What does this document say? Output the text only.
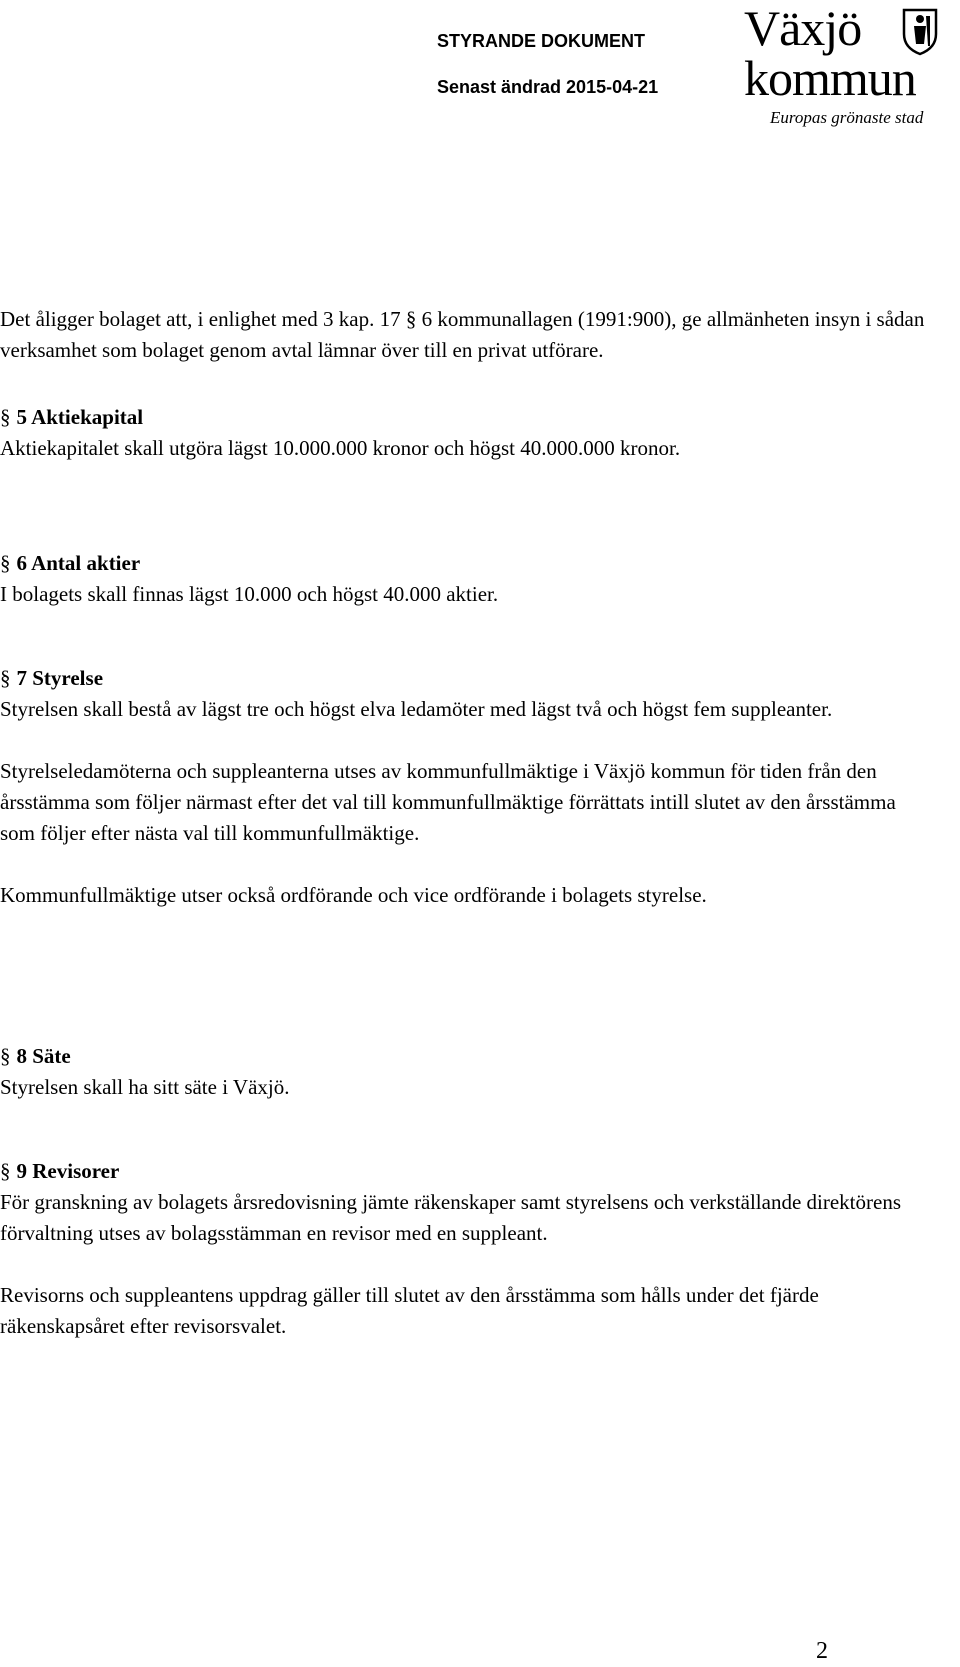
STYRANDE DOKUMENT
Senast ändrad 2015-04-21
Växjö
kommun
Europas grönaste stad

Det åligger bolaget att, i enlighet med 3 kap. 17 § 6 kommunallagen (1991:900), ge allmänheten insyn i sådan verksamhet som bolaget genom avtal lämnar över till en privat utförare.

§ 5 Aktiekapital

Aktiekapitalet skall utgöra lägst 10.000.000 kronor och högst 40.000.000 kronor.

§ 6 Antal aktier

I bolagets skall finnas lägst 10.000 och högst 40.000 aktier.

§ 7 Styrelse

Styrelsen skall bestå av lägst tre och högst elva ledamöter med lägst två och högst fem suppleanter.

Styrelseledamöterna och suppleanterna utses av kommunfullmäktige i Växjö kommun för tiden från den årsstämma som följer närmast efter det val till kommunfullmäktige förrättats intill slutet av den årsstämma som följer efter nästa val till kommunfullmäktige.

Kommunfullmäktige utser också ordförande och vice ordförande i bolagets styrelse.

§ 8 Säte

Styrelsen skall ha sitt säte i Växjö.

§ 9 Revisorer

För granskning av bolagets årsredovisning jämte räkenskaper samt styrelsens och verkställande direktörens förvaltning utses av bolagsstämman en revisor med en suppleant.

Revisorns och suppleantens uppdrag gäller till slutet av den årsstämma som hålls under det fjärde räkenskapsåret efter revisorsvalet.

2
